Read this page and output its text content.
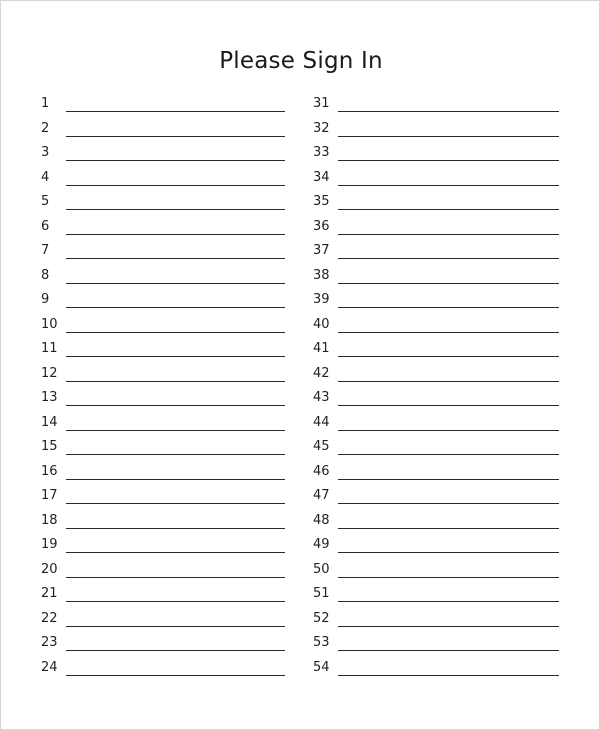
Please Sign In
1
2
3
4
5
6
7
8
9
10
11
12
13
14
15
16
17
18
19
20
21
22
23
24
31
32
33
34
35
36
37
38
39
40
41
42
43
44
45
46
47
48
49
50
51
52
53
54
